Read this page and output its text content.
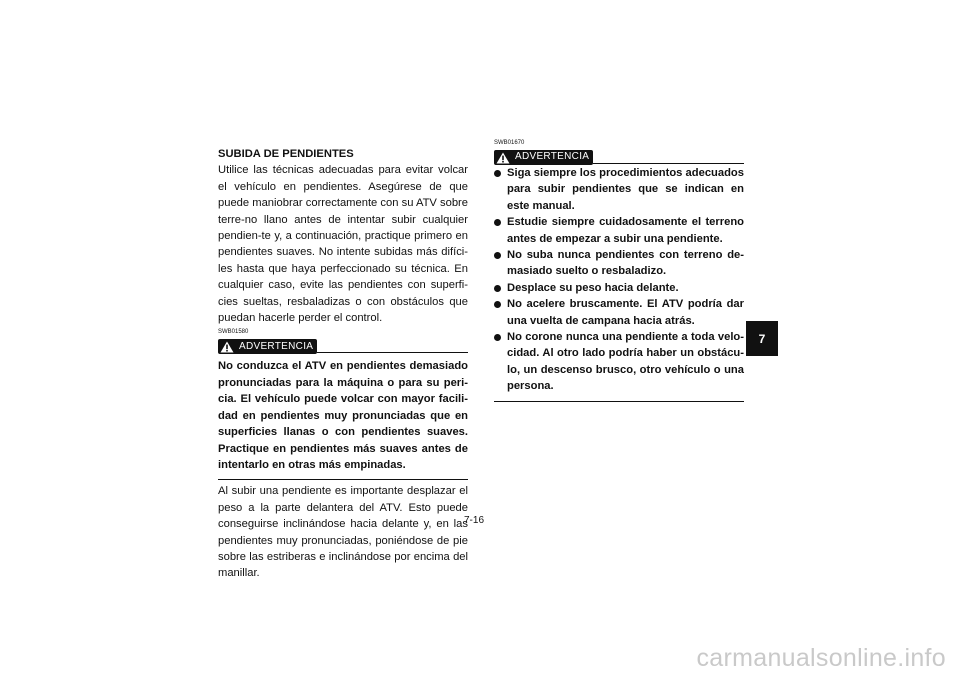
SUBIDA DE PENDIENTES
Utilice las técnicas adecuadas para evitar volcar el vehículo en pendientes. Asegúrese de que puede maniobrar correctamente con su ATV sobre terre-no llano antes de intentar subir cualquier pendien-te y, a continuación, practique primero en pendientes suaves. No intente subidas más difíci-les hasta que haya perfeccionado su técnica. En cualquier caso, evite las pendientes con superfi-cies sueltas, resbaladizas o con obstáculos que puedan hacerle perder el control.
SWB01580
ADVERTENCIA
No conduzca el ATV en pendientes demasiado pronunciadas para la máquina o para su peri-cia. El vehículo puede volcar con mayor facili-dad en pendientes muy pronunciadas que en superficies llanas o con pendientes suaves. Practique en pendientes más suaves antes de intentarlo en otras más empinadas.
Al subir una pendiente es importante desplazar el peso a la parte delantera del ATV. Esto puede conseguirse inclinándose hacia delante y, en las pendientes muy pronunciadas, poniéndose de pie sobre las estriberas e inclinándose por encima del manillar.
SWB01670
ADVERTENCIA
Siga siempre los procedimientos adecuados para subir pendientes que se indican en este manual.
Estudie siempre cuidadosamente el terreno antes de empezar a subir una pendiente.
No suba nunca pendientes con terreno de-masiado suelto o resbaladizo.
Desplace su peso hacia delante.
No acelere bruscamente. El ATV podría dar una vuelta de campana hacia atrás.
No corone nunca una pendiente a toda velo-cidad. Al otro lado podría haber un obstácu-lo, un descenso brusco, otro vehículo o una persona.
7-16
7
carmanualsonline.info
